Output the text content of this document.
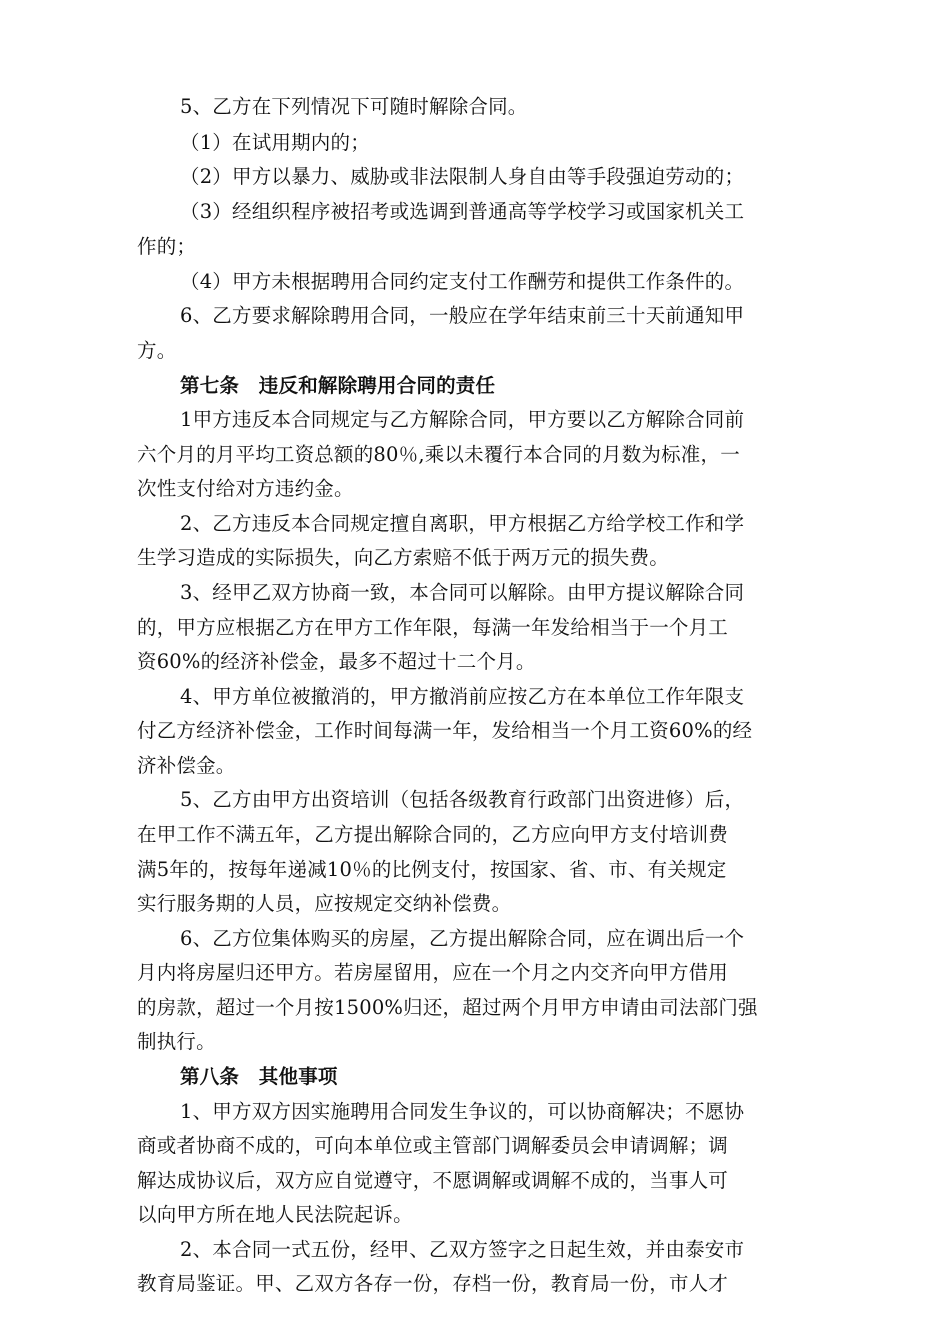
5、乙方在下列情况下可随时解除合同。
（1）在试用期内的；
（2）甲方以暴力、威胁或非法限制人身自由等手段强迫劳动的；
（3）经组织程序被招考或选调到普通高等学校学习或国家机关工
作的；
（4）甲方未根据聘用合同约定支付工作酬劳和提供工作条件的。
6、乙方要求解除聘用合同，一般应在学年结束前三十天前通知甲
方。
第七条　违反和解除聘用合同的责任
1甲方违反本合同规定与乙方解除合同，甲方要以乙方解除合同前
六个月的月平均工资总额的80％,乘以未覆行本合同的月数为标准，一
次性支付给对方违约金。
2、乙方违反本合同规定擅自离职，甲方根据乙方给学校工作和学
生学习造成的实际损失，向乙方索赔不低于两万元的损失费。
3、经甲乙双方协商一致，本合同可以解除。由甲方提议解除合同
的，甲方应根据乙方在甲方工作年限，每满一年发给相当于一个月工
资60%的经济补偿金，最多不超过十二个月。
4、甲方单位被撤消的，甲方撤消前应按乙方在本单位工作年限支
付乙方经济补偿金，工作时间每满一年，发给相当一个月工资60%的经
济补偿金。
5、乙方由甲方出资培训（包括各级教育行政部门出资进修）后，
在甲工作不满五年，乙方提出解除合同的，乙方应向甲方支付培训费
满5年的，按每年递减10％的比例支付，按国家、省、市、有关规定
实行服务期的人员，应按规定交纳补偿费。
6、乙方位集体购买的房屋，乙方提出解除合同，应在调出后一个
月内将房屋归还甲方。若房屋留用，应在一个月之内交齐向甲方借用
的房款，超过一个月按1500%归还，超过两个月甲方申请由司法部门强
制执行。
第八条　其他事项
1、甲方双方因实施聘用合同发生争议的，可以协商解决；不愿协
商或者协商不成的，可向本单位或主管部门调解委员会申请调解；调
解达成协议后，双方应自觉遵守，不愿调解或调解不成的，当事人可
以向甲方所在地人民法院起诉。
2、本合同一式五份，经甲、乙双方签字之日起生效，并由泰安市
教育局鉴证。甲、乙双方各存一份，存档一份，教育局一份，市人才
